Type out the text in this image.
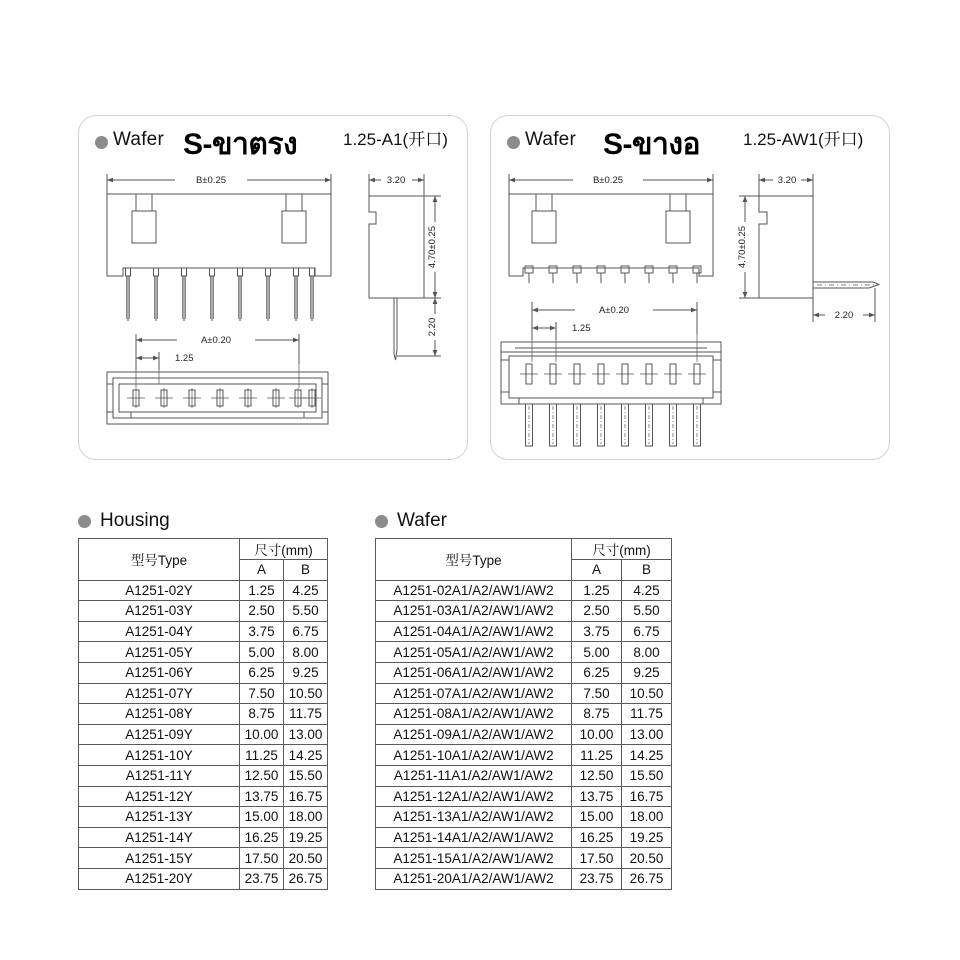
Wafer S-ขาตรง	1.25-A1(开口)
B±0.25	3.20
4.70±0.25
2.20
A±0.20
1.25
Wafer S-ขางอ	1.25-AW1(开口)
B±0.25	3.20
4.70±0.25
2.20
A±0.20
1.25
Housing
型号Type	尺寸(mm)	
	A	B
A1251-02Y	1.25	4.25
A1251-03Y	2.50	5.50
A1251-04Y	3.75	6.75
A1251-05Y	5.00	8.00
A1251-06Y	6.25	9.25
A1251-07Y	7.50	10.50
A1251-08Y	8.75	11.75
A1251-09Y	10.00	13.00
A1251-10Y	11.25	14.25
A1251-11Y	12.50	15.50
A1251-12Y	13.75	16.75
A1251-13Y	15.00	18.00
A1251-14Y	16.25	19.25
A1251-15Y	17.50	20.50
A1251-20Y	23.75	26.75
Wafer
型号Type	尺寸(mm)	
	A	B
A1251-02A1/A2/AW1/AW2	1.25	4.25
A1251-03A1/A2/AW1/AW2	2.50	5.50
A1251-04A1/A2/AW1/AW2	3.75	6.75
A1251-05A1/A2/AW1/AW2	5.00	8.00
A1251-06A1/A2/AW1/AW2	6.25	9.25
A1251-07A1/A2/AW1/AW2	7.50	10.50
A1251-08A1/A2/AW1/AW2	8.75	11.75
A1251-09A1/A2/AW1/AW2	10.00	13.00
A1251-10A1/A2/AW1/AW2	11.25	14.25
A1251-11A1/A2/AW1/AW2	12.50	15.50
A1251-12A1/A2/AW1/AW2	13.75	16.75
A1251-13A1/A2/AW1/AW2	15.00	18.00
A1251-14A1/A2/AW1/AW2	16.25	19.25
A1251-15A1/A2/AW1/AW2	17.50	20.50
A1251-20A1/A2/AW1/AW2	23.75	26.75
